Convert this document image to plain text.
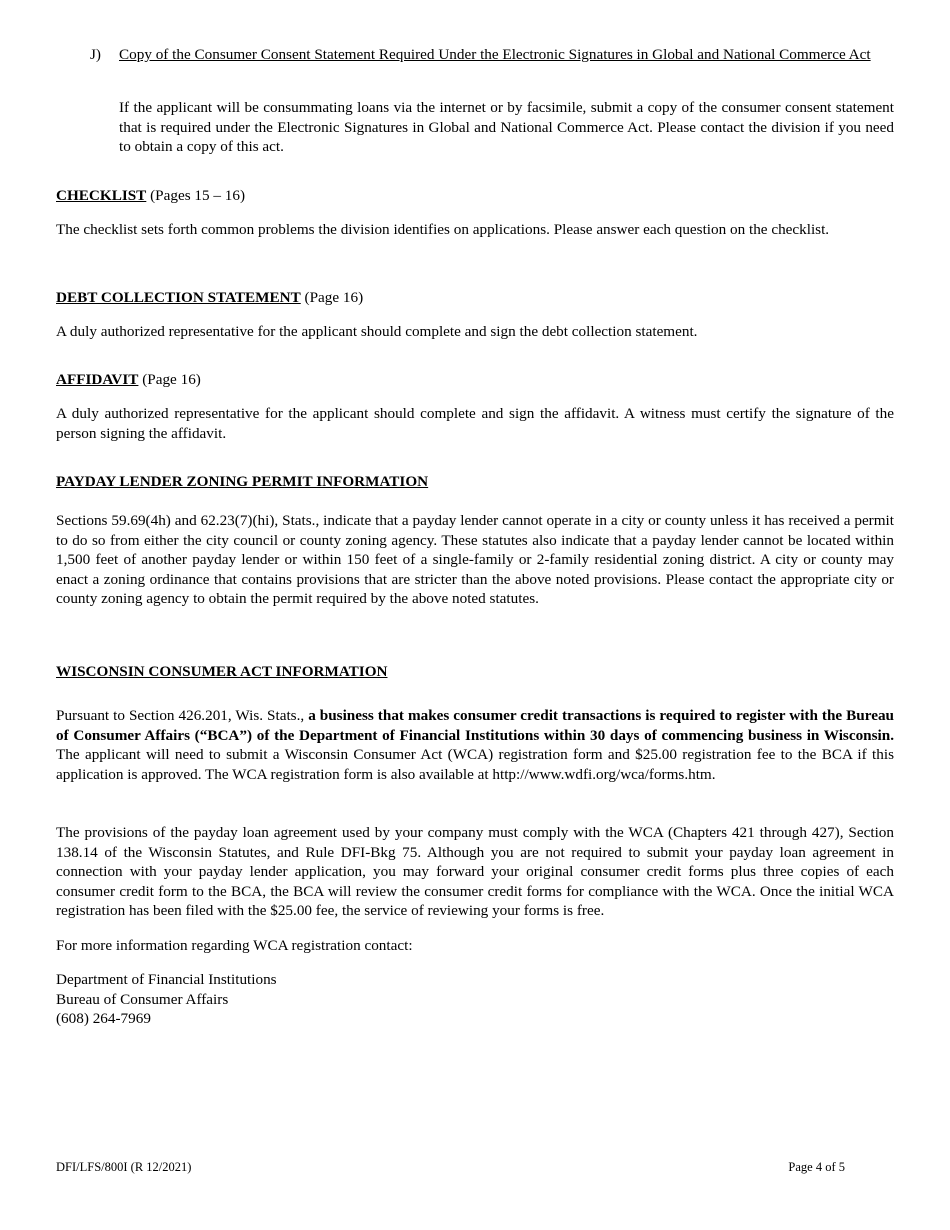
J) Copy of the Consumer Consent Statement Required Under the Electronic Signatures in Global and National Commerce Act

If the applicant will be consummating loans via the internet or by facsimile, submit a copy of the consumer consent statement that is required under the Electronic Signatures in Global and National Commerce Act. Please contact the division if you need to obtain a copy of this act.

CHECKLIST (Pages 15 – 16)

The checklist sets forth common problems the division identifies on applications. Please answer each question on the checklist.

DEBT COLLECTION STATEMENT (Page 16)

A duly authorized representative for the applicant should complete and sign the debt collection statement.

AFFIDAVIT (Page 16)

A duly authorized representative for the applicant should complete and sign the affidavit. A witness must certify the signature of the person signing the affidavit.

PAYDAY LENDER ZONING PERMIT INFORMATION

Sections 59.69(4h) and 62.23(7)(hi), Stats., indicate that a payday lender cannot operate in a city or county unless it has received a permit to do so from either the city council or county zoning agency. These statutes also indicate that a payday lender cannot be located within 1,500 feet of another payday lender or within 150 feet of a single-family or 2-family residential zoning district. A city or county may enact a zoning ordinance that contains provisions that are stricter than the above noted provisions. Please contact the appropriate city or county zoning agency to obtain the permit required by the above noted statutes.

WISCONSIN CONSUMER ACT INFORMATION

Pursuant to Section 426.201, Wis. Stats., a business that makes consumer credit transactions is required to register with the Bureau of Consumer Affairs (“BCA”) of the Department of Financial Institutions within 30 days of commencing business in Wisconsin. The applicant will need to submit a Wisconsin Consumer Act (WCA) registration form and $25.00 registration fee to the BCA if this application is approved. The WCA registration form is also available at http://www.wdfi.org/wca/forms.htm.

The provisions of the payday loan agreement used by your company must comply with the WCA (Chapters 421 through 427), Section 138.14 of the Wisconsin Statutes, and Rule DFI-Bkg 75. Although you are not required to submit your payday loan agreement in connection with your payday lender application, you may forward your original consumer credit forms plus three copies of each consumer credit form to the BCA, the BCA will review the consumer credit forms for compliance with the WCA. Once the initial WCA registration has been filed with the $25.00 fee, the service of reviewing your forms is free.

For more information regarding WCA registration contact:

Department of Financial Institutions
Bureau of Consumer Affairs
(608) 264-7969

DFI/LFS/800I (R 12/2021)	Page 4 of 5
